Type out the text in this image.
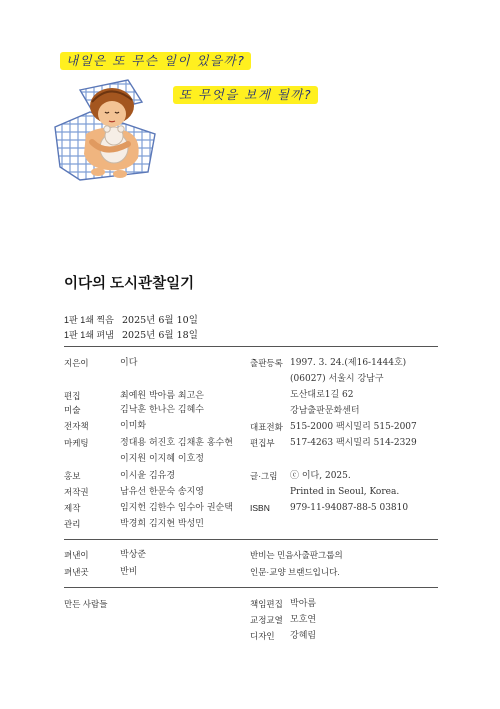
내일은 또 무슨 일이 있을까?
또 무엇을 보게 될까?
이다의 도시관찰일기
1판 1쇄 찍음 2025년 6월 10일
1판 1쇄 펴냄 2025년 6월 18일
지은이	이다
편집	최예원 박아름 최고은
미술	김낙훈 한나은 김혜수
전자책	이미화
마케팅	정대용 허진호 김채훈 홍수현
이지원 이지혜 이호정
홍보	이시윤 김유경
저작권	남유선 한문숙 송지영
제작	임지헌 김한수 임수아 권순택
관리	박경희 김지현 박성민
출판등록 1997. 3. 24.(제16-1444호)
(06027) 서울시 강남구
도산대로1길 62
강남출판문화센터
대표전화 515-2000 팩시밀리 515-2007
편집부 517-4263 팩시밀리 514-2329
글·그림 ⓒ 이다, 2025.
Printed in Seoul, Korea.
ISBN 979-11-94087-88-5 03810
펴낸이	박상준
펴낸곳	반비
반비는 민음사출판그룹의
인문·교양 브랜드입니다.
만든 사람들	책임편집 박아름
교정교열 모호연
디자인 강혜림
